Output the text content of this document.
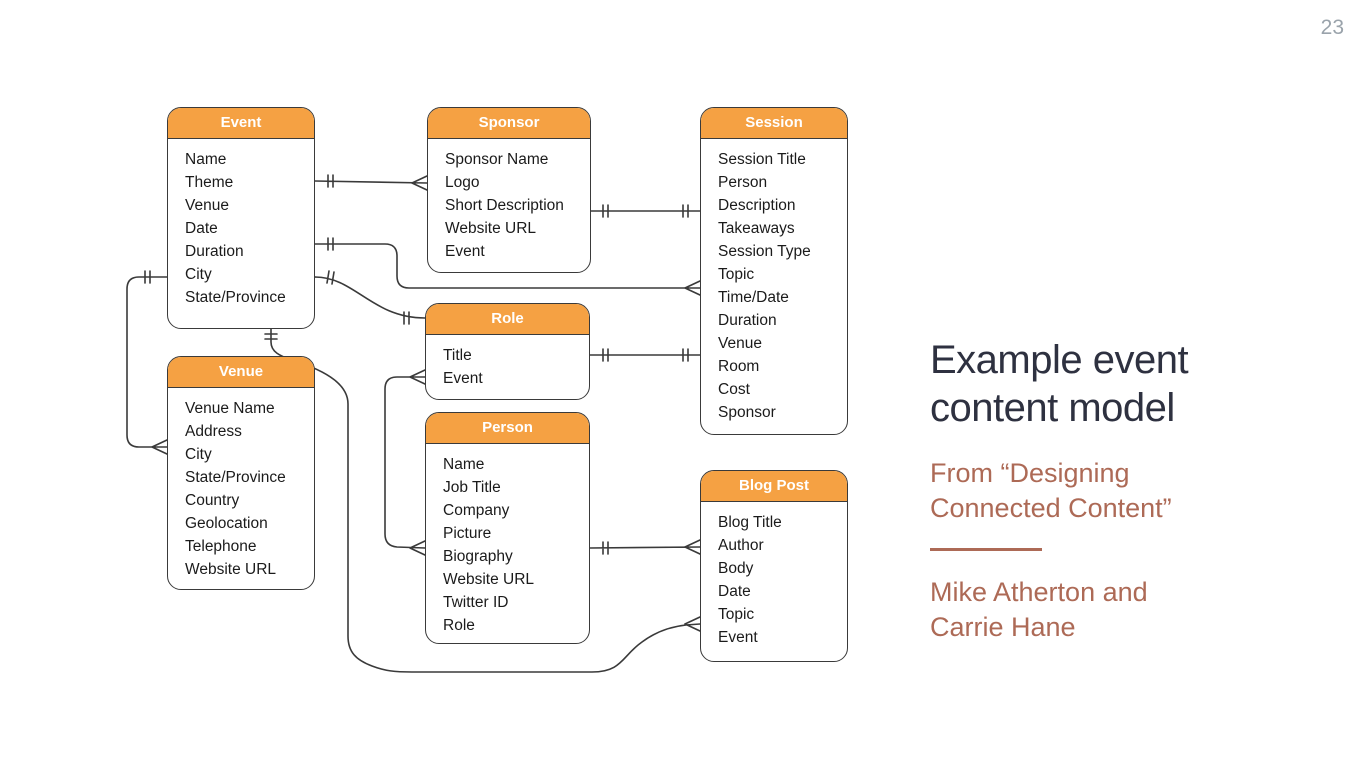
23
Event
Name
Theme
Venue
Date
Duration
City
State/Province
Sponsor
Sponsor Name
Logo
Short Description
Website URL
Event
Session
Session Title
Person
Description
Takeaways
Session Type
Topic
Time/Date
Duration
Venue
Room
Cost
Sponsor
Role
Title
Event
Venue
Venue Name
Address
City
State/Province
Country
Geolocation
Telephone
Website URL
Person
Name
Job Title
Company
Picture
Biography
Website URL
Twitter ID
Role
Blog Post
Blog Title
Author
Body
Date
Topic
Event
Example event
content model
From “Designing
Connected Content”
Mike Atherton and
Carrie Hane
